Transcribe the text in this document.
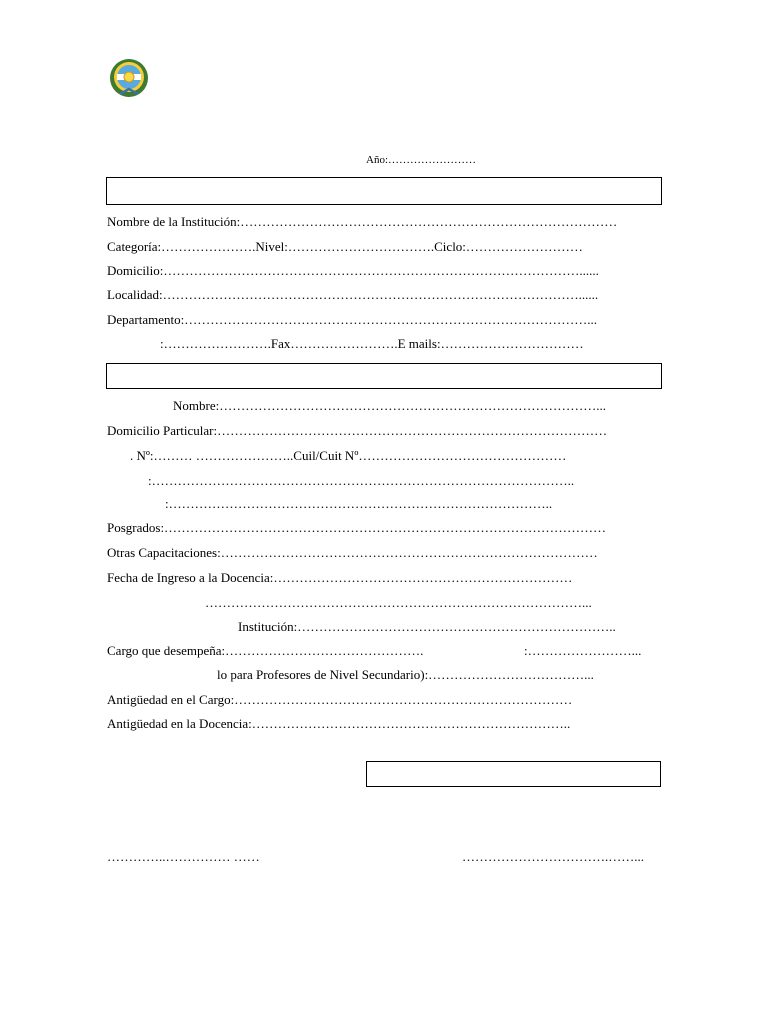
Año:……………………
Nombre de la Institución:……………………………………………………………………………
Categoría:………………….Nivel:…………………………….Ciclo:………………………
Domicilio:……………………………………………………………………………………......
Localidad:……………………………………………………………………………………......
Departamento:…………………………………………………………………………………...
:…………………….Fax…………………….E mails:……………………………
Nombre:……………………………………………………………………………...
Domicilio Particular:………………………………………………………………………………
. Nº:……… …………………..Cuil/Cuit Nº…………………………………………
:……………………………………………………………………………………..
:……………………………………………………………………………..
Posgrados:…………………………………………………………………………………………
Otras Capacitaciones:……………………………………………………………………………
Fecha de Ingreso a la Docencia:……………………………………………………………
……………………………………………………………………………...
Institución:………………………………………………………………..
Cargo que desempeña:……………………………………….	:……………………...
lo para Profesores de Nivel Secundario):………………………………...
Antigüedad en el Cargo:……………………………………………………………………
Antigüedad en la Docencia:………………………………………………………………..
…………..…………… ……	…………………………….……...
